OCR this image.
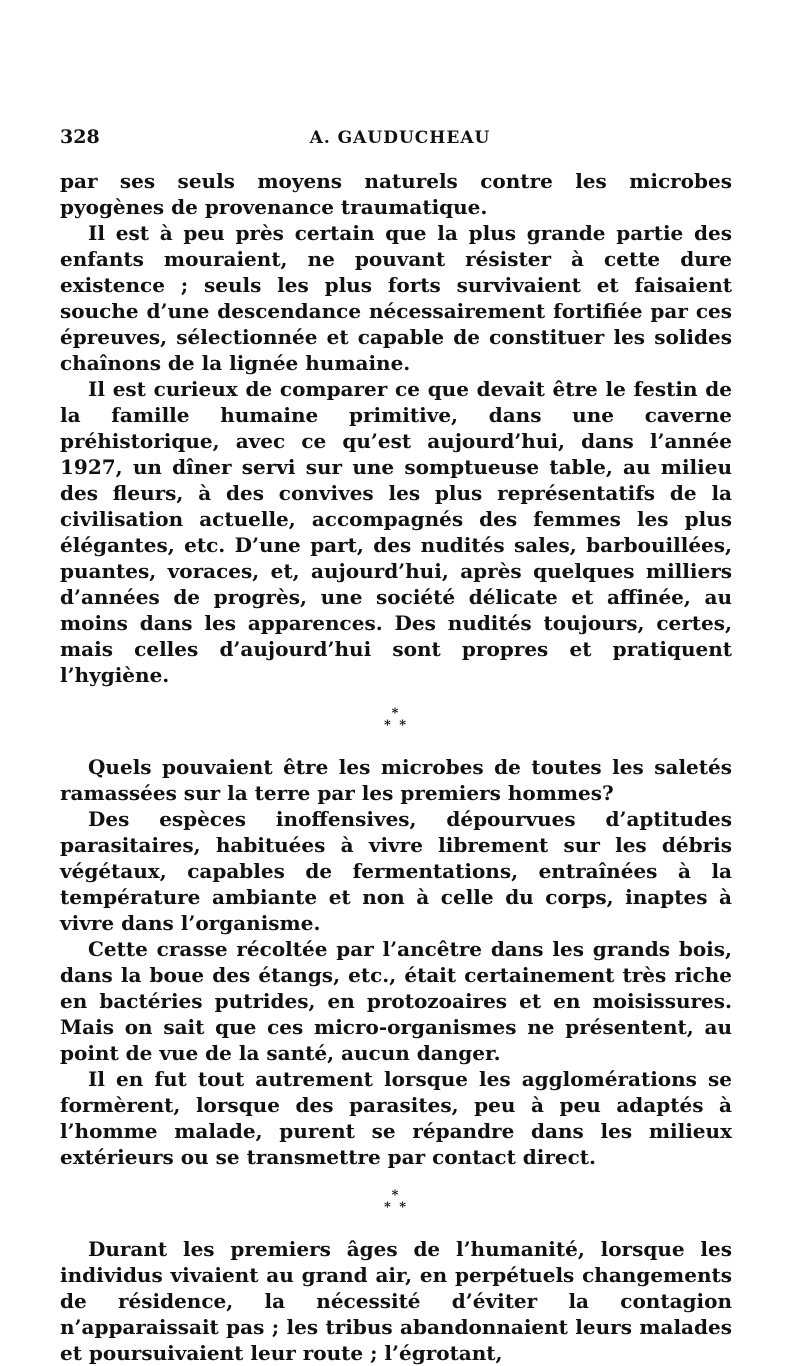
328	A. GAUDUCHEAU

par ses seuls moyens naturels contre les microbes pyogènes de provenance traumatique.

Il est à peu près certain que la plus grande partie des enfants mouraient, ne pouvant résister à cette dure existence ; seuls les plus forts survivaient et faisaient souche d’une descendance nécessairement fortifiée par ces épreuves, sélectionnée et capable de constituer les solides chaînons de la lignée humaine.

Il est curieux de comparer ce que devait être le festin de la famille humaine primitive, dans une caverne préhistorique, avec ce qu’est aujourd’hui, dans l’année 1927, un dîner servi sur une somptueuse table, au milieu des fleurs, à des convives les plus représentatifs de la civilisation actuelle, accompagnés des femmes les plus élégantes, etc. D’une part, des nudités sales, barbouillées, puantes, voraces, et, aujourd’hui, après quelques milliers d’années de progrès, une société délicate et affinée, au moins dans les apparences. Des nudités toujours, certes, mais celles d’aujourd’hui sont propres et pratiquent l’hygiène.

*
* *

Quels pouvaient être les microbes de toutes les saletés ramassées sur la terre par les premiers hommes?

Des espèces inoffensives, dépourvues d’aptitudes parasitaires, habituées à vivre librement sur les débris végétaux, capables de fermentations, entraînées à la température ambiante et non à celle du corps, inaptes à vivre dans l’organisme.

Cette crasse récoltée par l’ancêtre dans les grands bois, dans la boue des étangs, etc., était certainement très riche en bactéries putrides, en protozoaires et en moisissures. Mais on sait que ces micro-organismes ne présentent, au point de vue de la santé, aucun danger.

Il en fut tout autrement lorsque les agglomérations se formèrent, lorsque des parasites, peu à peu adaptés à l’homme malade, purent se répandre dans les milieux extérieurs ou se transmettre par contact direct.

*
* *

Durant les premiers âges de l’humanité, lorsque les individus vivaient au grand air, en perpétuels changements de résidence, la nécessité d’éviter la contagion n’apparaissait pas ; les tribus abandonnaient leurs malades et poursuivaient leur route ; l’égrotant,
